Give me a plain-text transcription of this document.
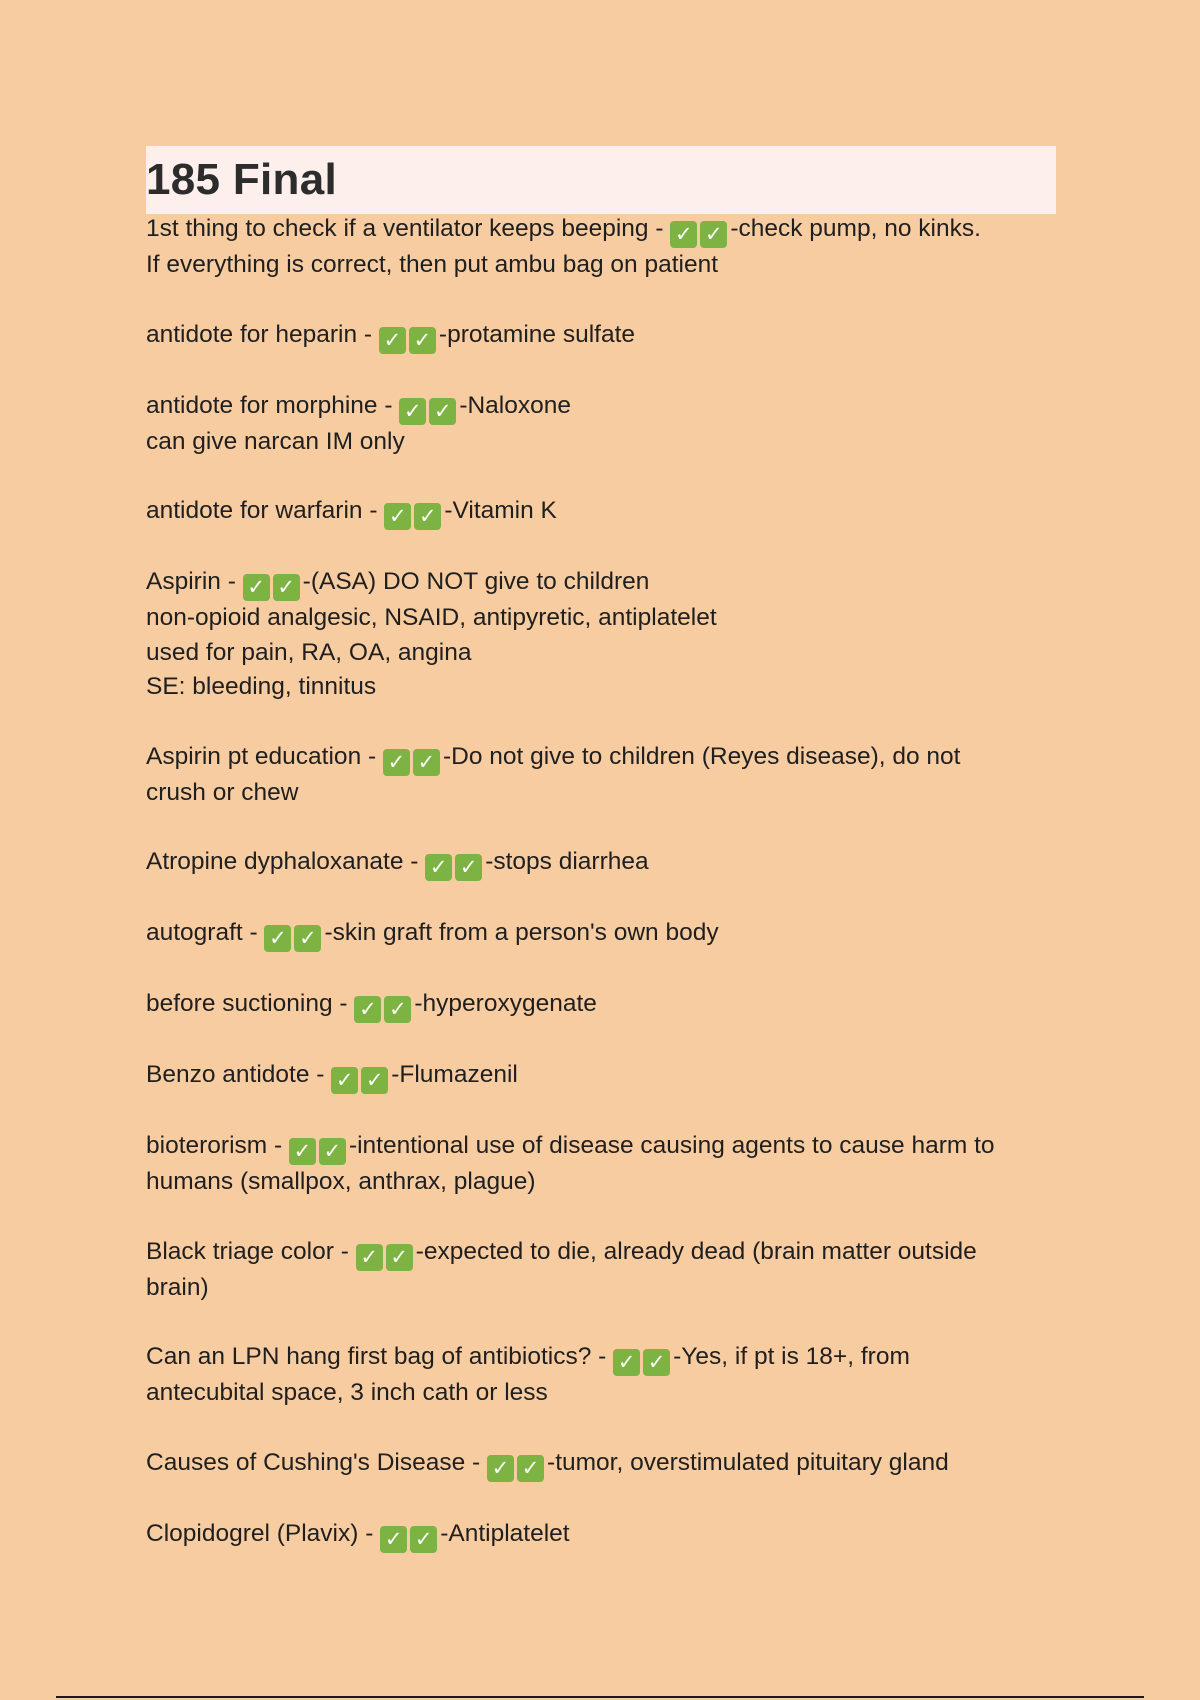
185 Final
1st thing to check if a ventilator keeps beeping - ✓ ✓ -check pump, no kinks.
If everything is correct, then put ambu bag on patient
antidote for heparin - ✓ ✓ -protamine sulfate
antidote for morphine - ✓ ✓ -Naloxone
can give narcan IM only
antidote for warfarin - ✓ ✓ -Vitamin K
Aspirin - ✓ ✓ -(ASA) DO NOT give to children
non-opioid analgesic, NSAID, antipyretic, antiplatelet
used for pain, RA, OA, angina
SE: bleeding, tinnitus
Aspirin pt education - ✓ ✓ -Do not give to children (Reyes disease), do not
crush or chew
Atropine dyphaloxanate - ✓ ✓ -stops diarrhea
autograft - ✓ ✓ -skin graft from a person's own body
before suctioning - ✓ ✓ -hyperoxygenate
Benzo antidote - ✓ ✓ -Flumazenil
bioterorism - ✓ ✓ -intentional use of disease causing agents to cause harm to
humans (smallpox, anthrax, plague)
Black triage color - ✓ ✓ -expected to die, already dead (brain matter outside
brain)
Can an LPN hang first bag of antibiotics? - ✓ ✓ -Yes, if pt is 18+, from
antecubital space, 3 inch cath or less
Causes of Cushing's Disease - ✓ ✓ -tumor, overstimulated pituitary gland
Clopidogrel (Plavix) - ✓ ✓ -Antiplatelet
